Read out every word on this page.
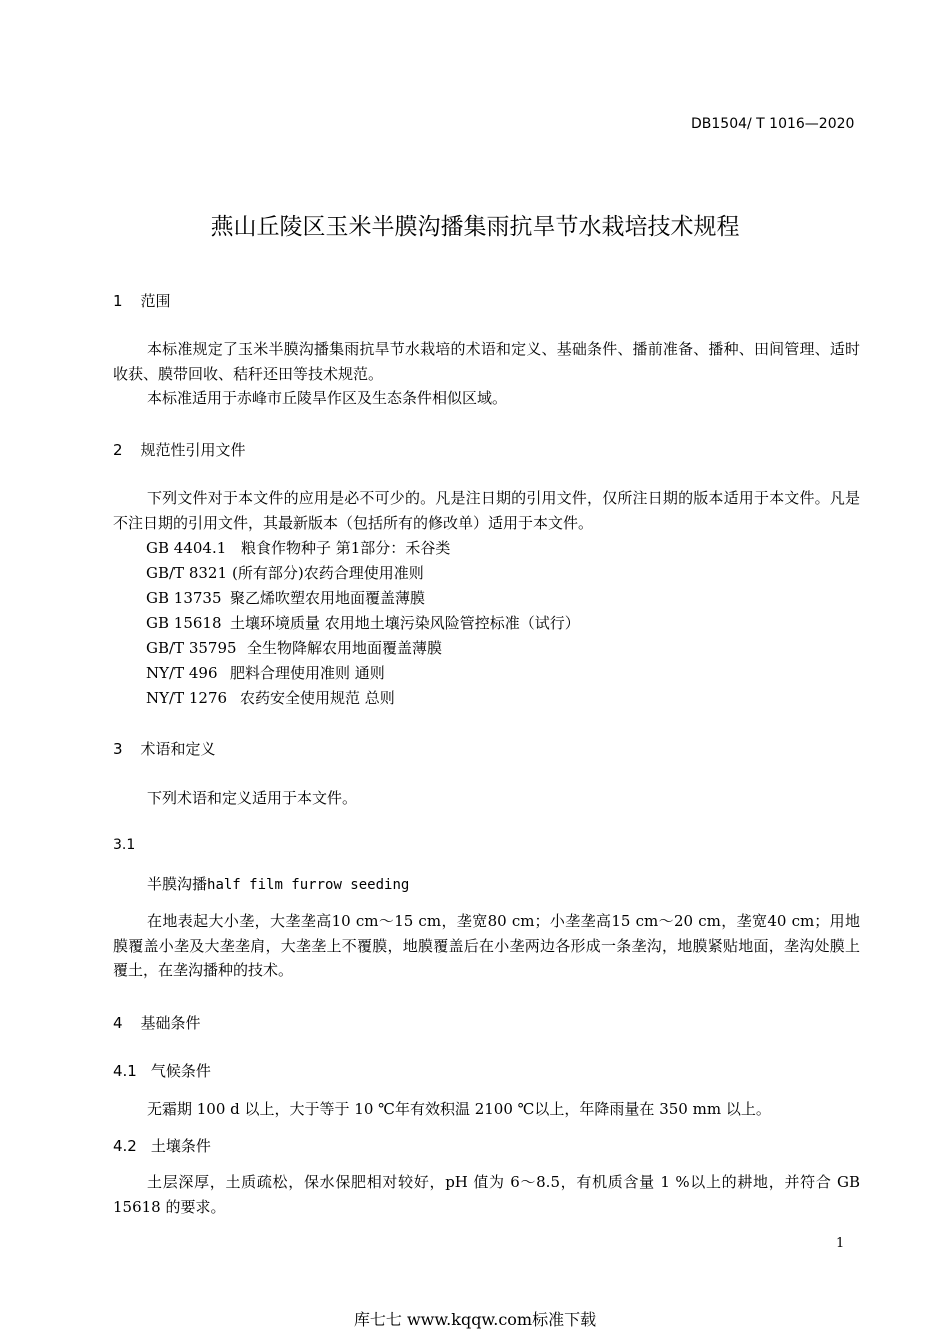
DB1504/ T 1016—2020
燕山丘陵区玉米半膜沟播集雨抗旱节水栽培技术规程
1 范围
本标准规定了玉米半膜沟播集雨抗旱节水栽培的术语和定义、基础条件、播前准备、播种、田间管理、适时收获、膜带回收、秸秆还田等技术规范。
本标准适用于赤峰市丘陵旱作区及生态条件相似区域。
2 规范性引用文件
下列文件对于本文件的应用是必不可少的。凡是注日期的引用文件，仅所注日期的版本适用于本文件。凡是不注日期的引用文件，其最新版本（包括所有的修改单）适用于本文件。
GB 4404.1 粮食作物种子 第1部分：禾谷类
GB/T 8321 (所有部分)农药合理使用准则
GB 13735 聚乙烯吹塑农用地面覆盖薄膜
GB 15618 土壤环境质量 农用地土壤污染风险管控标准（试行）
GB/T 35795 全生物降解农用地面覆盖薄膜
NY/T 496 肥料合理使用准则 通则
NY/T 1276 农药安全使用规范 总则
3 术语和定义
下列术语和定义适用于本文件。
3.1
半膜沟播half film furrow seeding
在地表起大小垄，大垄垄高10 cm～15 cm，垄宽80 cm；小垄垄高15 cm～20 cm，垄宽40 cm；用地膜覆盖小垄及大垄垄肩，大垄垄上不覆膜，地膜覆盖后在小垄两边各形成一条垄沟，地膜紧贴地面，垄沟处膜上覆土，在垄沟播种的技术。
4 基础条件
4.1 气候条件
无霜期 100 d 以上，大于等于 10 ℃年有效积温 2100 ℃以上，年降雨量在 350 mm 以上。
4.2 土壤条件
土层深厚，土质疏松，保水保肥相对较好，pH 值为 6～8.5，有机质含量 1 %以上的耕地，并符合 GB 15618 的要求。
1
库七七 www.kqqw.com标准下载
